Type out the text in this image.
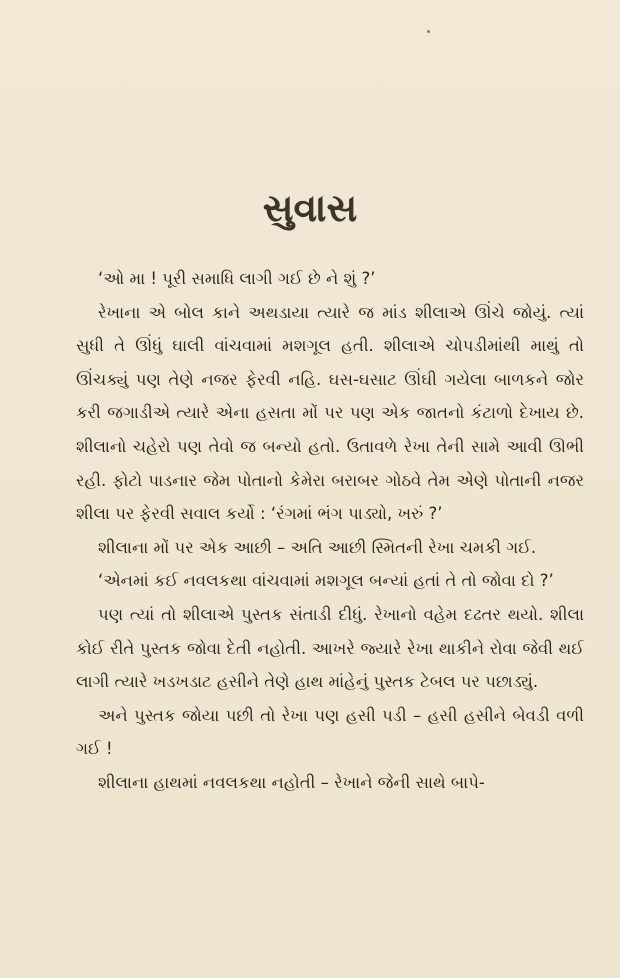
સુવાસ

‘ઓ મા ! પૂરી સમાધિ લાગી ગઈ છે ને શું ?’

રેખાના એ બોલ કાને અથડાયા ત્યારે જ માંડ શીલાએ ઊંચે જોયું. ત્યાં સુધી તે ઊંધું ઘાલી વાંચવામાં મશગૂલ હતી. શીલાએ ચોપડીમાંથી માથું તો ઊંચક્યું પણ તેણે નજર ફેરવી નહિ. ઘસ-ઘસાટ ઊંઘી ગયેલા બાળકને જોર કરી જગાડીએ ત્યારે એના હસતા મોં પર પણ એક જાતનો કંટાળો દેખાય છે. શીલાનો ચહેરો પણ તેવો જ બન્યો હતો. ઉતાવળે રેખા તેની સામે આવી ઊભી રહી. ફોટો પાડનાર જેમ પોતાનો કેમેરા બરાબર ગોઠવે તેમ એણે પોતાની નજર શીલા પર ફેરવી સવાલ કર્યો : ‘રંગમાં ભંગ પાડ્યો, ખરું ?’

શીલાના મોં પર એક આછી – અતિ આછી સ્મિતની રેખા ચમકી ગઈ.

‘એનમાં કઈ નવલકથા વાંચવામાં મશગૂલ બન્યાં હતાં તે તો જોવા દો ?’

પણ ત્યાં તો શીલાએ પુસ્તક સંતાડી દીધું. રેખાનો વહેમ દઢતર થયો. શીલા કોઈ રીતે પુસ્તક જોવા દેતી નહોતી. આખરે જ્યારે રેખા થાકીને રોવા જેવી થઈ લાગી ત્યારે ખડખડાટ હસીને તેણે હાથ માંહેનું પુસ્તક ટેબલ પર પછાડ્યું.

અને પુસ્તક જોયા પછી તો રેખા પણ હસી પડી – હસી હસીને બેવડી વળી ગઈ !

શીલાના હાથમાં નવલકથા નહોતી – રેખાને જેની સાથે બાપે-
